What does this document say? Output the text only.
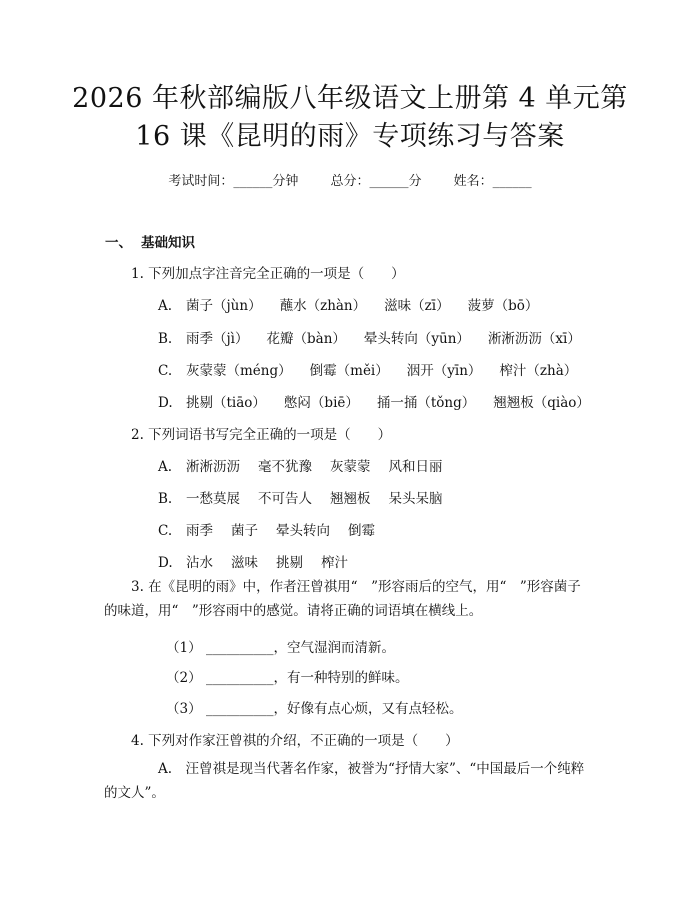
2026 年秋部编版八年级语文上册第 4 单元第
16 课《昆明的雨》专项练习与答案
考试时间：______分钟 总分：______分 姓名：______
一、 基础知识
1. 下列加点字注音完全正确的一项是（　　）
A. 菌子（jùn） 蘸水（zhàn） 滋味（zī） 菠萝（bō）
B. 雨季（jì） 花瓣（bàn） 晕头转向（yūn） 淅淅沥沥（xī）
C. 灰蒙蒙（méng） 倒霉（měi） 洇开（yīn） 榨汁（zhà）
D. 挑剔（tiāo） 憋闷（biē） 捅一捅（tǒng） 翘翘板（qiào）
2. 下列词语书写完全正确的一项是（　　）
A. 淅淅沥沥 毫不犹豫 灰蒙蒙 风和日丽
B. 一愁莫展 不可告人 翘翘板 呆头呆脑
C. 雨季 菌子 晕头转向 倒霉
D. 沾水 滋味 挑剔 榨汁
3. 在《昆明的雨》中，作者汪曾祺用“　”形容雨后的空气，用“　”形容菌子的味道，用“　”形容雨中的感觉。请将正确的词语填在横线上。
（1） __________，空气湿润而清新。
（2） __________，有一种特别的鲜味。
（3） __________，好像有点心烦，又有点轻松。
4. 下列对作家汪曾祺的介绍，不正确的一项是（　　）
A.　汪曾祺是现当代著名作家，被誉为“抒情大家”、“中国最后一个纯粹的文人”。
